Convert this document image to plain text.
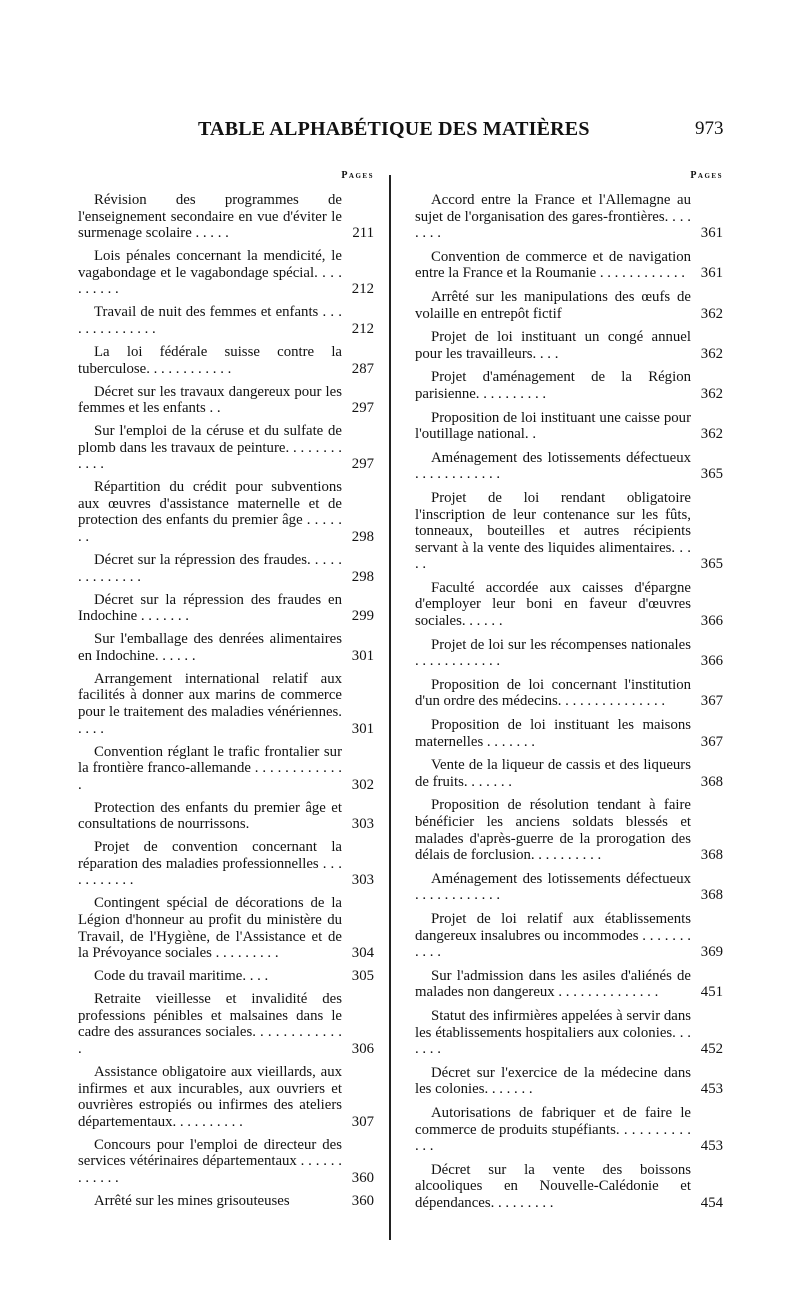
TABLE ALPHABÉTIQUE DES MATIÈRES	973
Pages
Révision des programmes de l'enseignement secondaire en vue d'éviter le surmenage scolaire . . . . .	211
Lois pénales concernant la mendicité, le vagabondage et le vagabondage spécial. . . . . . . . . .	212
Travail de nuit des femmes et enfants . . . . . . . . . . . . . .	212
La loi fédérale suisse contre la tuberculose. . . . . . . . . . . .	287
Décret sur les travaux dangereux pour les femmes et les enfants . .	297
Sur l'emploi de la céruse et du sulfate de plomb dans les travaux de peinture. . . . . . . . . . . .	297
Répartition du crédit pour subventions aux œuvres d'assistance maternelle et de protection des enfants du premier âge . . . . . . .	298
Décret sur la répression des fraudes. . . . . . . . . . . . . .	298
Décret sur la répression des fraudes en Indochine . . . . . . .	299
Sur l'emballage des denrées alimentaires en Indochine. . . . . .	301
Arrangement international relatif aux facilités à donner aux marins de commerce pour le traitement des maladies vénériennes. . . . .	301
Convention réglant le trafic frontalier sur la frontière franco-allemande . . . . . . . . . . . . .	302
Protection des enfants du premier âge et consultations de nourrissons.	303
Projet de convention concernant la réparation des maladies professionnelles . . . . . . . . . . .	303
Contingent spécial de décorations de la Légion d'honneur au profit du ministère du Travail, de l'Hygiène, de l'Assistance et de la Prévoyance sociales . . . . . . . . .	304
Code du travail maritime. . . .	305
Retraite vieillesse et invalidité des professions pénibles et malsaines dans le cadre des assurances sociales. . . . . . . . . . . . .	306
Assistance obligatoire aux vieillards, aux infirmes et aux incurables, aux ouvriers et ouvrières estropiés ou infirmes des ateliers départementaux. . . . . . . . . .	307
Concours pour l'emploi de directeur des services vétérinaires départementaux . . . . . . . . . . . .	360
Arrêté sur les mines grisouteuses	360
Pages
Accord entre la France et l'Allemagne au sujet de l'organisation des gares-frontières. . . . . . . .	361
Convention de commerce et de navigation entre la France et la Roumanie . . . . . . . . . . . .	361
Arrêté sur les manipulations des œufs de volaille en entrepôt fictif	362
Projet de loi instituant un congé annuel pour les travailleurs. . . .	362
Projet d'aménagement de la Région parisienne. . . . . . . . . .	362
Proposition de loi instituant une caisse pour l'outillage national. .	362
Aménagement des lotissements défectueux . . . . . . . . . . . .	365
Projet de loi rendant obligatoire l'inscription de leur contenance sur les fûts, tonneaux, bouteilles et autres récipients servant à la vente des liquides alimentaires. . . . .	365
Faculté accordée aux caisses d'épargne d'employer leur boni en faveur d'œuvres sociales. . . . . .	366
Projet de loi sur les récompenses nationales . . . . . . . . . . . .	366
Proposition de loi concernant l'institution d'un ordre des médecins. . . . . . . . . . . . . . .	367
Proposition de loi instituant les maisons maternelles . . . . . . .	367
Vente de la liqueur de cassis et des liqueurs de fruits. . . . . . .	368
Proposition de résolution tendant à faire bénéficier les anciens soldats blessés et malades d'après-guerre de la prorogation des délais de forclusion. . . . . . . . . .	368
Aménagement des lotissements défectueux . . . . . . . . . . . .	368
Projet de loi relatif aux établissements dangereux insalubres ou incommodes . . . . . . . . . . .	369
Sur l'admission dans les asiles d'aliénés de malades non dangereux . . . . . . . . . . . . . .	451
Statut des infirmières appelées à servir dans les établissements hospitaliers aux colonies. . . . . . .	452
Décret sur l'exercice de la médecine dans les colonies. . . . . . .	453
Autorisations de fabriquer et de faire le commerce de produits stupéfiants. . . . . . . . . . . . .	453
Décret sur la vente des boissons alcooliques en Nouvelle-Calédonie et dépendances. . . . . . . . .	454
